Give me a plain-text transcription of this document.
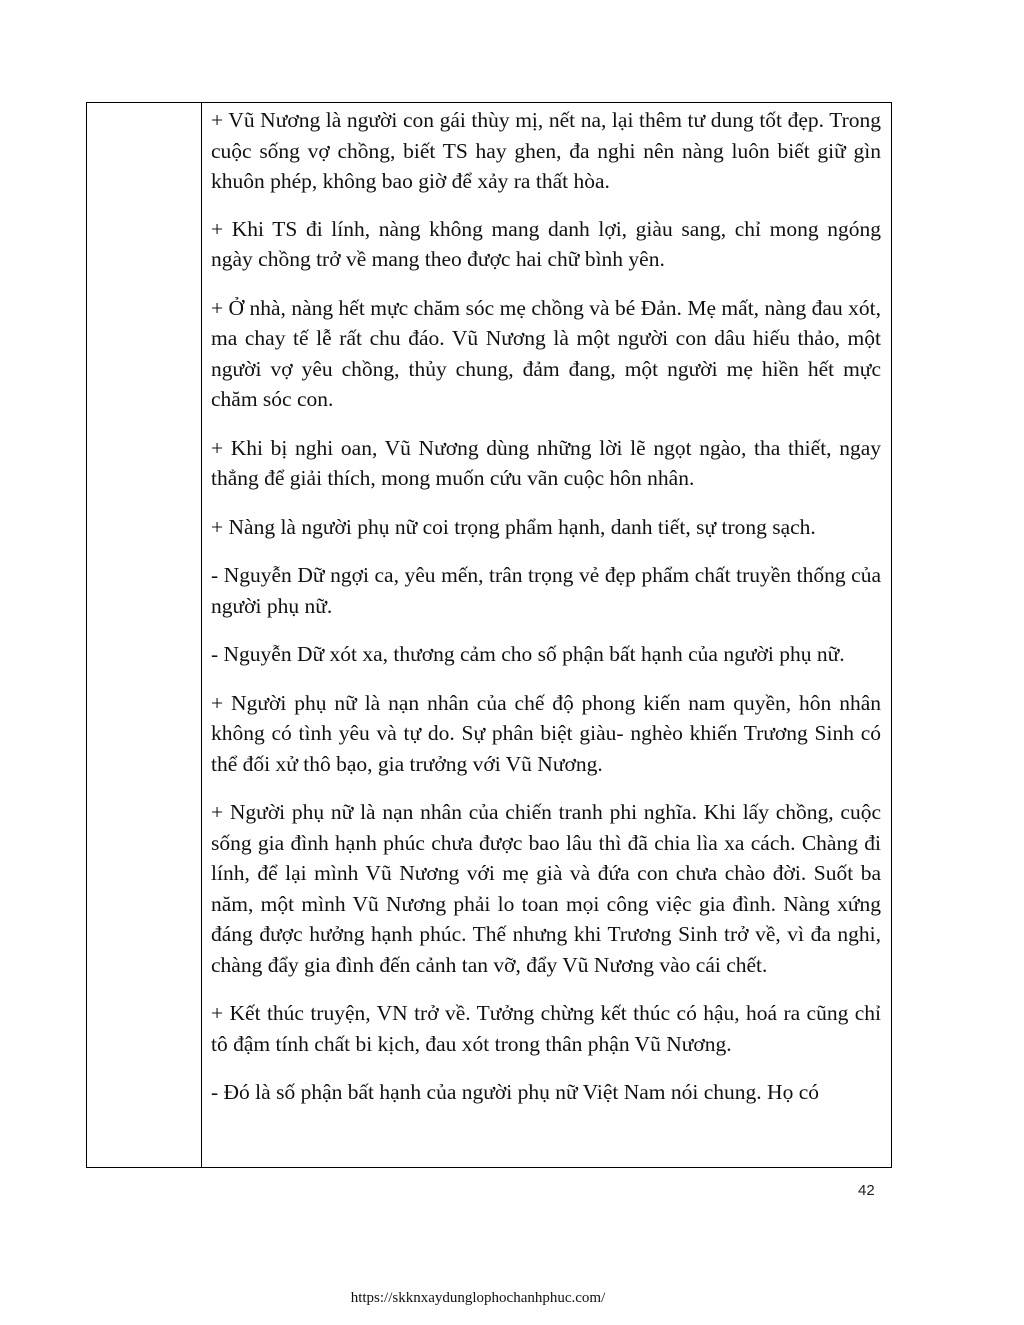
+ Vũ Nương là người con gái thùy mị, nết na, lại thêm tư dung tốt đẹp. Trong cuộc sống vợ chồng, biết TS hay ghen, đa nghi nên nàng luôn biết giữ gìn khuôn phép, không bao giờ để xảy ra thất hòa.

+ Khi TS đi lính, nàng không mang danh lợi, giàu sang, chỉ mong ngóng ngày chồng trở về mang theo được hai chữ bình yên.

+ Ở nhà, nàng hết mực chăm sóc mẹ chồng và bé Đản. Mẹ mất, nàng đau xót, ma chay tế lễ rất chu đáo. Vũ Nương là một người con dâu hiếu thảo, một người vợ yêu chồng, thủy chung, đảm đang, một người mẹ hiền hết mực chăm sóc con.

+ Khi bị nghi oan, Vũ Nương dùng những lời lẽ ngọt ngào, tha thiết, ngay thẳng để giải thích, mong muốn cứu vãn cuộc hôn nhân.

+ Nàng là người phụ nữ coi trọng phẩm hạnh, danh tiết, sự trong sạch.

- Nguyễn Dữ ngợi ca, yêu mến, trân trọng vẻ đẹp phẩm chất truyền thống của người phụ nữ.

- Nguyễn Dữ xót xa, thương cảm cho số phận bất hạnh của người phụ nữ.

+ Người phụ nữ là nạn nhân của chế độ phong kiến nam quyền, hôn nhân không có tình yêu và tự do. Sự phân biệt giàu- nghèo khiến Trương Sinh có thể đối xử thô bạo, gia trưởng với Vũ Nương.

+ Người phụ nữ là nạn nhân của chiến tranh phi nghĩa. Khi lấy chồng, cuộc sống gia đình hạnh phúc chưa được bao lâu thì đã chia lìa xa cách. Chàng đi lính, để lại mình Vũ Nương với mẹ già và đứa con chưa chào đời. Suốt ba năm, một mình Vũ Nương phải lo toan mọi công việc gia đình. Nàng xứng đáng được hưởng hạnh phúc. Thế nhưng khi Trương Sinh trở về, vì đa nghi, chàng đẩy gia đình đến cảnh tan vỡ, đẩy Vũ Nương vào cái chết.

+ Kết thúc truyện, VN trở về. Tưởng chừng kết thúc có hậu, hoá ra cũng chỉ tô đậm tính chất bi kịch, đau xót trong thân phận Vũ Nương.

- Đó là số phận bất hạnh của người phụ nữ Việt Nam nói chung. Họ có

42
https://skknxaydunglophochanhphuc.com/
